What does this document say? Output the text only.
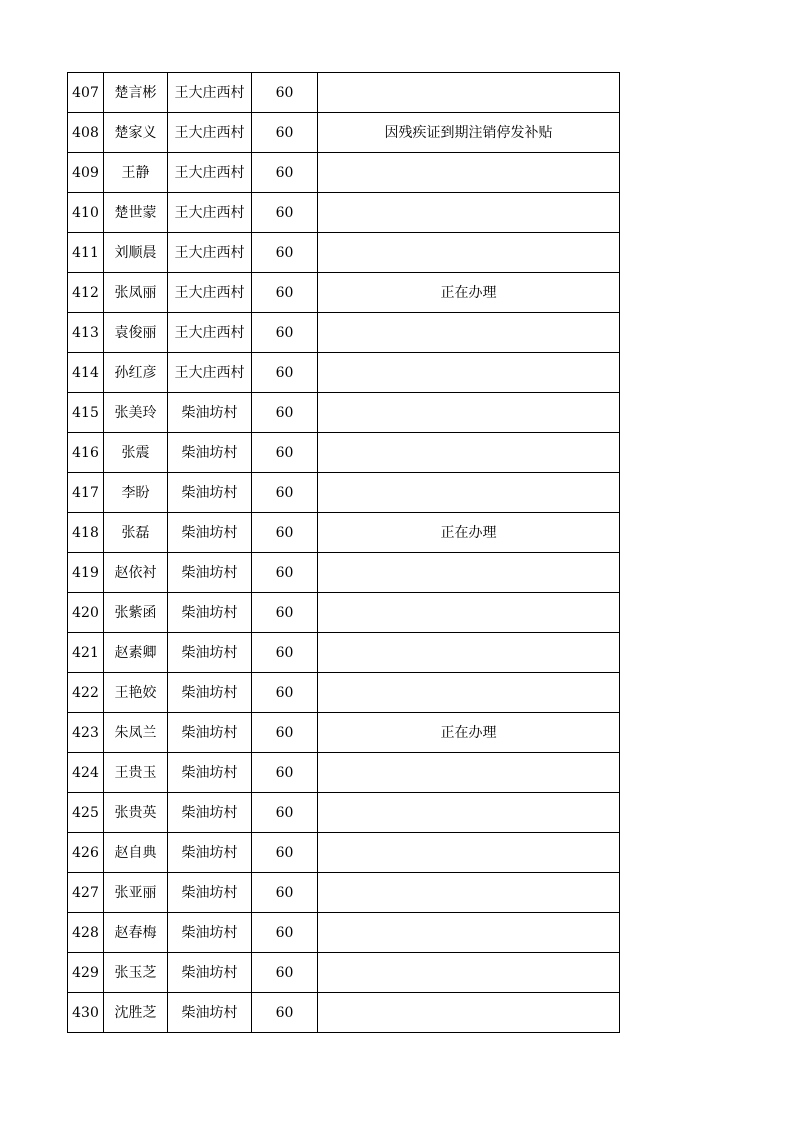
407	楚言彬	王大庄西村	60	
408	楚家义	王大庄西村	60	因残疾证到期注销停发补贴
409	王静	王大庄西村	60	
410	楚世蒙	王大庄西村	60	
411	刘顺晨	王大庄西村	60	
412	张凤丽	王大庄西村	60	正在办理
413	袁俊丽	王大庄西村	60	
414	孙红彦	王大庄西村	60	
415	张美玲	柴油坊村	60	
416	张震	柴油坊村	60	
417	李盼	柴油坊村	60	
418	张磊	柴油坊村	60	正在办理
419	赵依衬	柴油坊村	60	
420	张紫函	柴油坊村	60	
421	赵素卿	柴油坊村	60	
422	王艳姣	柴油坊村	60	
423	朱凤兰	柴油坊村	60	正在办理
424	王贵玉	柴油坊村	60	
425	张贵英	柴油坊村	60	
426	赵自典	柴油坊村	60	
427	张亚丽	柴油坊村	60	
428	赵春梅	柴油坊村	60	
429	张玉芝	柴油坊村	60	
430	沈胜芝	柴油坊村	60	
